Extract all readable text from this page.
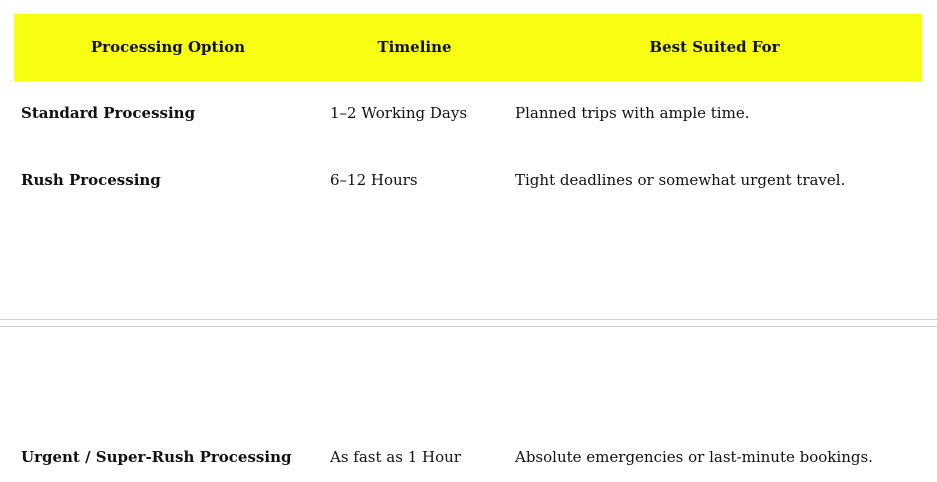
Processing Option	Timeline	Best Suited For
Standard Processing	1–2 Working Days	Planned trips with ample time.
Rush Processing	6–12 Hours	Tight deadlines or somewhat urgent travel.
Urgent / Super-Rush Processing	As fast as 1 Hour	Absolute emergencies or last-minute bookings.
